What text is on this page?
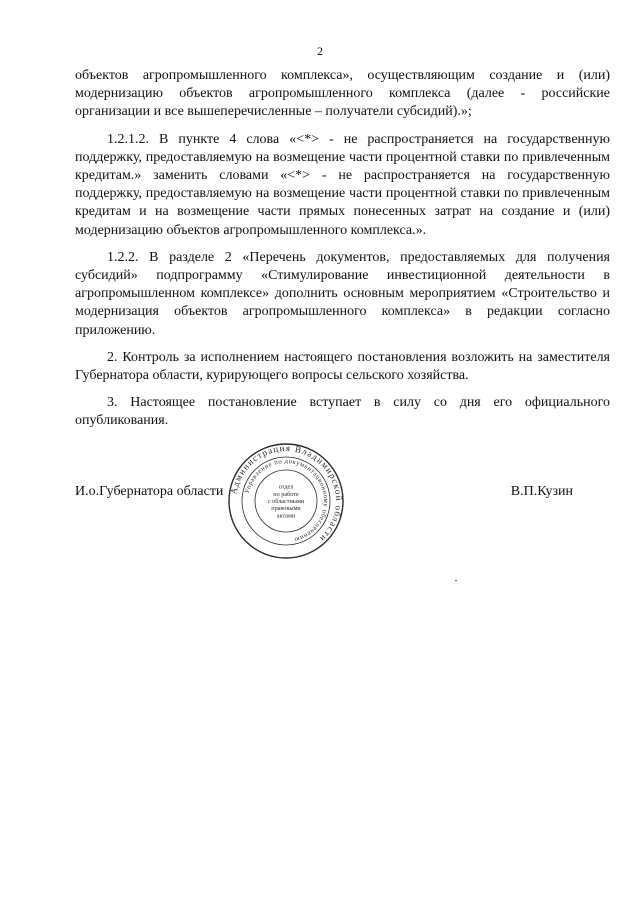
2

объектов агропромышленного комплекса», осуществляющим создание и (или) модернизацию объектов агропромышленного комплекса (далее - российские организации и все вышеперечисленные – получатели субсидий).»;

1.2.1.2. В пункте 4 слова «<*> - не распространяется на государственную поддержку, предоставляемую на возмещение части процентной ставки по привлеченным кредитам.» заменить словами «<*> - не распространяется на государственную поддержку, предоставляемую на возмещение части процентной ставки по привлеченным кредитам и на возмещение части прямых понесенных затрат на создание и (или) модернизацию объектов агропромышленного комплекса.».

1.2.2. В разделе 2 «Перечень документов, предоставляемых для получения субсидий» подпрограмму «Стимулирование инвестиционной деятельности в агропромышленном комплексе» дополнить основным мероприятием «Строительство и модернизация объектов агропромышленного комплекса» в редакции согласно приложению.

2. Контроль за исполнением настоящего постановления возложить на заместителя Губернатора области, курирующего вопросы сельского хозяйства.

3. Настоящее постановление вступает в силу со дня его официального опубликования.

И.о.Губернатора области	В.П.Кузин
Администрация Владимирской области
Управление по документационному обеспечению
отдел по работе с областными правовыми актами
